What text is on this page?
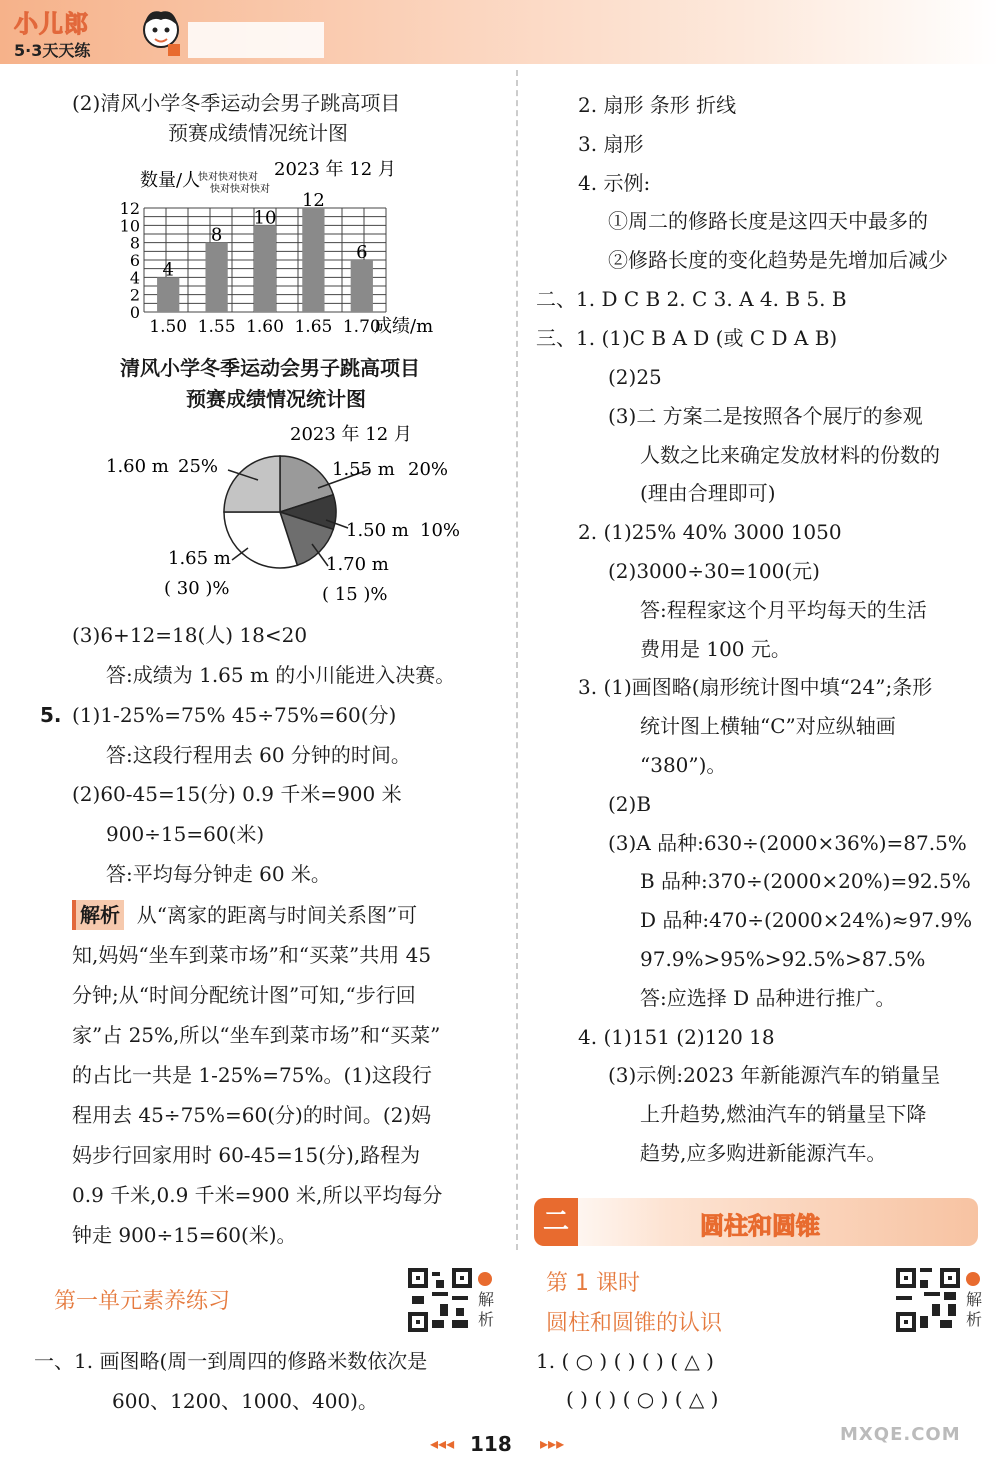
小儿郎
5·3天天练
(2)清风小学冬季运动会男子跳高项目
预赛成绩情况统计图
2023 年 12 月
数量/人
快对快对快对
快对快对快对
0
2
4
6
8
10
12
4
8
10
12
6
1.50 1.55 1.60 1.65 1.70
成绩/m
清风小学冬季运动会男子跳高项目
预赛成绩情况统计图
2023 年 12 月
1.60 m 25%	1.55 m 20%
1.50 m 10%
1.65 m
( 30 )%
1.70 m
( 15 )%
(3)6+12=18(人) 18<20
答:成绩为 1.65 m 的小川能进入决赛。
5. (1)1-25%=75% 45÷75%=60(分)
答:这段行程用去 60 分钟的时间。
(2)60-45=15(分) 0.9 千米=900 米
900÷15=60(米)
答:平均每分钟走 60 米。
解析 从“离家的距离与时间关系图”可
知,妈妈“坐车到菜市场”和“买菜”共用 45
分钟;从“时间分配统计图”可知,“步行回
家”占 25%,所以“坐车到菜市场”和“买菜”
的占比一共是 1-25%=75%。(1)这段行
程用去 45÷75%=60(分)的时间。(2)妈
妈步行回家用时 60-45=15(分),路程为
0.9 千米,0.9 千米=900 米,所以平均每分
钟走 900÷15=60(米)。
第一单元素养练习	解析
一、1. 画图略(周一到周四的修路米数依次是
600、1200、1000、400)。
2. 扇形 条形 折线
3. 扇形
4. 示例:
①周二的修路长度是这四天中最多的
②修路长度的变化趋势是先增加后减少
二、1. D C B 2. C 3. A 4. B 5. B
三、1. (1)C B A D (或 C D A B)
(2)25
(3)二 方案二是按照各个展厅的参观
人数之比来确定发放材料的份数的
(理由合理即可)
2. (1)25% 40% 3000 1050
(2)3000÷30=100(元)
答:程程家这个月平均每天的生活
费用是 100 元。
3. (1)画图略(扇形统计图中填“24”;条形
统计图上横轴“C”对应纵轴画
“380”)。
(2)B
(3)A 品种:630÷(2000×36%)=87.5%
B 品种:370÷(2000×20%)=92.5%
D 品种:470÷(2000×24%)≈97.9%
97.9%>95%>92.5%>87.5%
答:应选择 D 品种进行推广。
4. (1)151 (2)120 18
(3)示例:2023 年新能源汽车的销量呈
上升趋势,燃油汽车的销量呈下降
趋势,应多购进新能源汽车。
二	圆柱和圆锥
第 1 课时
圆柱和圆锥的认识
解析
1. ( ○ ) ( ) ( ) ( △ )
( ) ( ) ( ○ ) ( △ )
◂◂◂ 118 ▸▸▸	MXQE.COM
